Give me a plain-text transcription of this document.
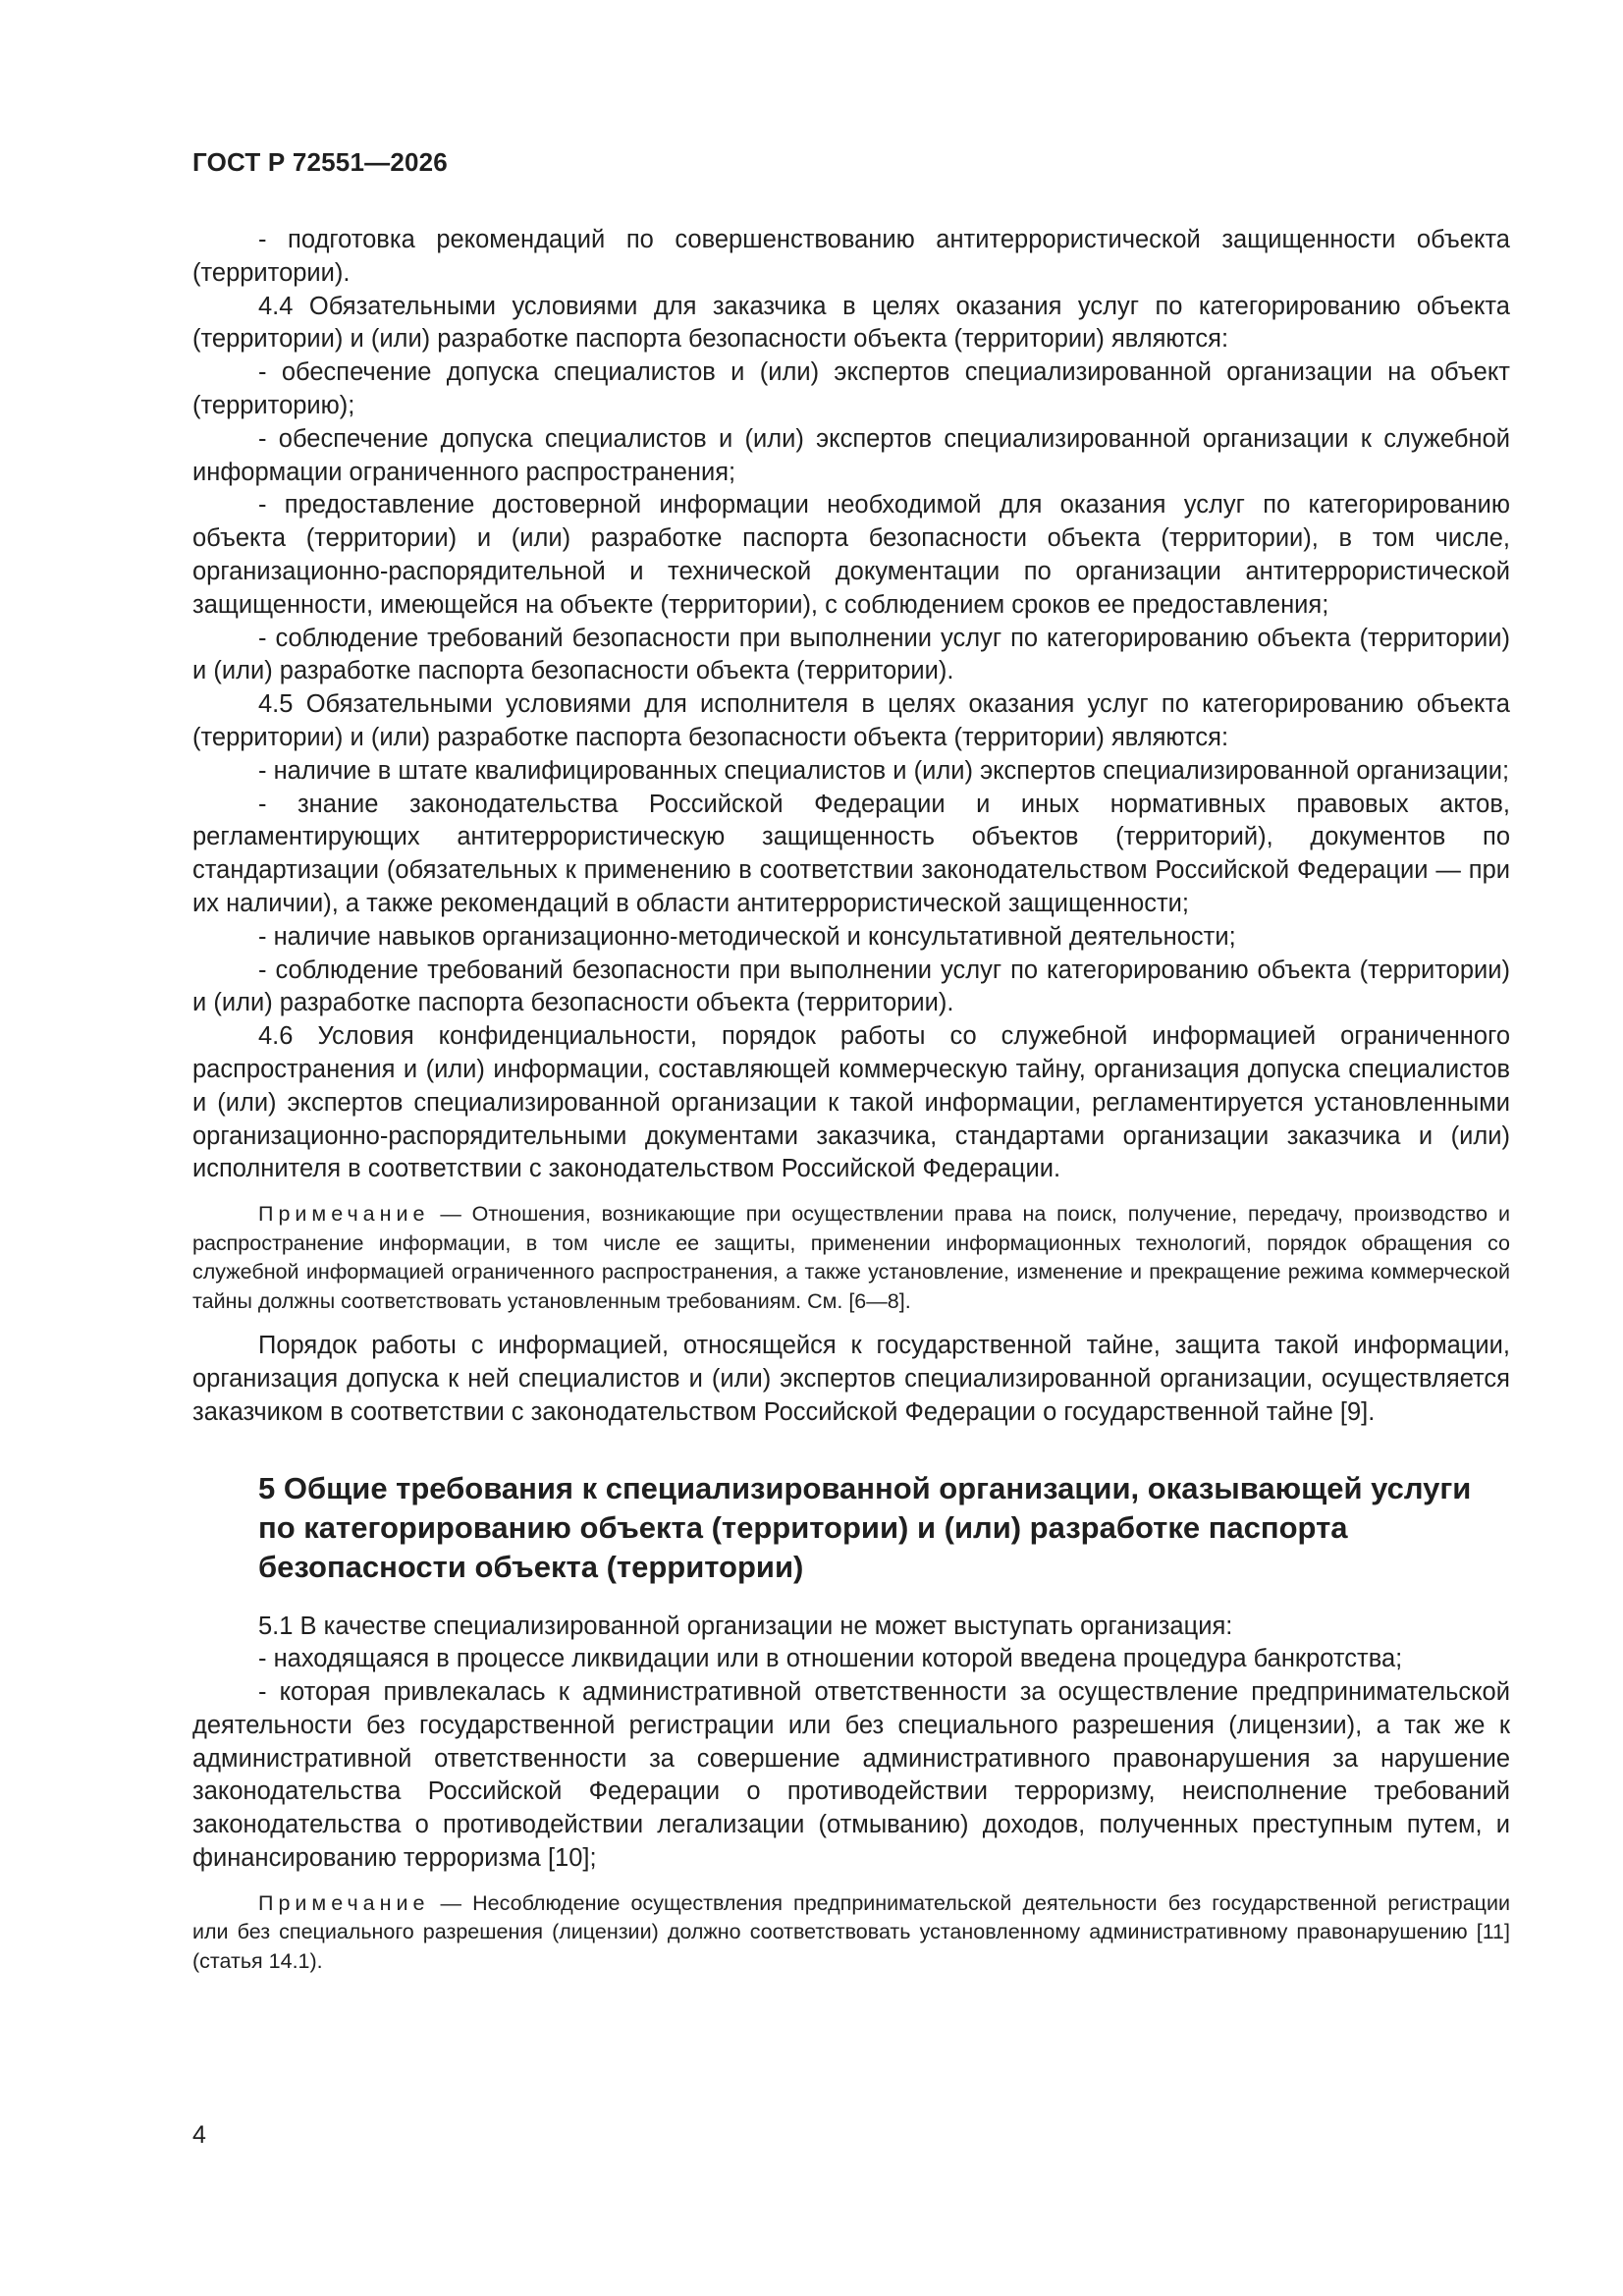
ГОСТ Р 72551—2026

- подготовка рекомендаций по совершенствованию антитеррористической защищенности объекта (территории).

4.4 Обязательными условиями для заказчика в целях оказания услуг по категорированию объекта (территории) и (или) разработке паспорта безопасности объекта (территории) являются:

- обеспечение допуска специалистов и (или) экспертов специализированной организации на объект (территорию);

- обеспечение допуска специалистов и (или) экспертов специализированной организации к служебной информации ограниченного распространения;

- предоставление достоверной информации необходимой для оказания услуг по категорированию объекта (территории) и (или) разработке паспорта безопасности объекта (территории), в том числе, организационно-распорядительной и технической документации по организации антитеррористической защищенности, имеющейся на объекте (территории), с соблюдением сроков ее предоставления;

- соблюдение требований безопасности при выполнении услуг по категорированию объекта (территории) и (или) разработке паспорта безопасности объекта (территории).

4.5 Обязательными условиями для исполнителя в целях оказания услуг по категорированию объекта (территории) и (или) разработке паспорта безопасности объекта (территории) являются:

- наличие в штате квалифицированных специалистов и (или) экспертов специализированной организации;

- знание законодательства Российской Федерации и иных нормативных правовых актов, регламентирующих антитеррористическую защищенность объектов (территорий), документов по стандартизации (обязательных к применению в соответствии законодательством Российской Федерации — при их наличии), а также рекомендаций в области антитеррористической защищенности;

- наличие навыков организационно-методической и консультативной деятельности;

- соблюдение требований безопасности при выполнении услуг по категорированию объекта (территории) и (или) разработке паспорта безопасности объекта (территории).

4.6 Условия конфиденциальности, порядок работы со служебной информацией ограниченного распространения и (или) информации, составляющей коммерческую тайну, организация допуска специалистов и (или) экспертов специализированной организации к такой информации, регламентируется установленными организационно-распорядительными документами заказчика, стандартами организации заказчика и (или) исполнителя в соответствии с законодательством Российской Федерации.

Примечание — Отношения, возникающие при осуществлении права на поиск, получение, передачу, производство и распространение информации, в том числе ее защиты, применении информационных технологий, порядок обращения со служебной информацией ограниченного распространения, а также установление, изменение и прекращение режима коммерческой тайны должны соответствовать установленным требованиям. См. [6—8].

Порядок работы с информацией, относящейся к государственной тайне, защита такой информации, организация допуска к ней специалистов и (или) экспертов специализированной организации, осуществляется заказчиком в соответствии с законодательством Российской Федерации о государственной тайне [9].

5 Общие требования к специализированной организации, оказывающей услуги по категорированию объекта (территории) и (или) разработке паспорта безопасности объекта (территории)

5.1 В качестве специализированной организации не может выступать организация:

- находящаяся в процессе ликвидации или в отношении которой введена процедура банкротства;

- которая привлекалась к административной ответственности за осуществление предпринимательской деятельности без государственной регистрации или без специального разрешения (лицензии), а так же к административной ответственности за совершение административного правонарушения за нарушение законодательства Российской Федерации о противодействии терроризму, неисполнение требований законодательства о противодействии легализации (отмыванию) доходов, полученных преступным путем, и финансированию терроризма [10];

Примечание — Несоблюдение осуществления предпринимательской деятельности без государственной регистрации или без специального разрешения (лицензии) должно соответствовать установленному административному правонарушению [11] (статья 14.1).

4
